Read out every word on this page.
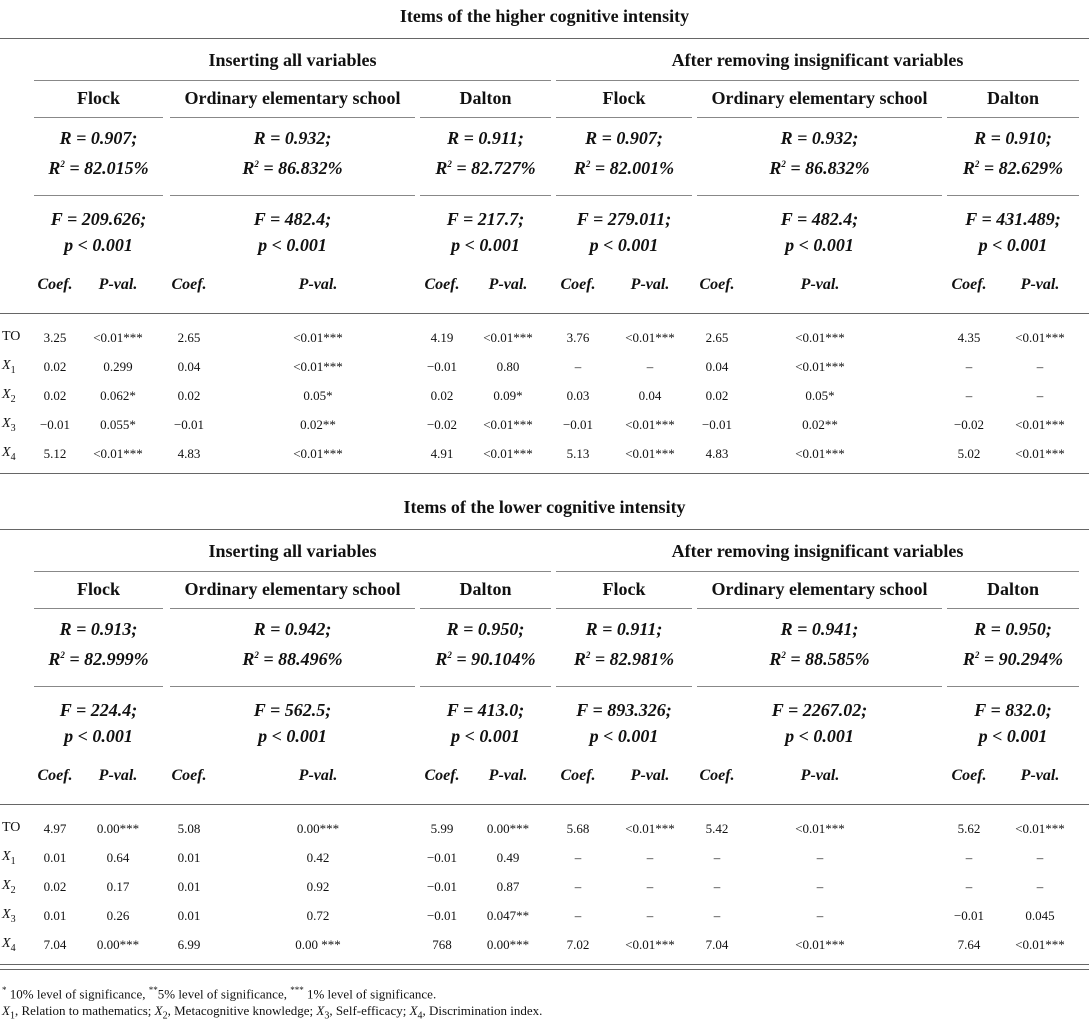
Items of the higher cognitive intensity
Inserting all variables	After removing insignificant variables
Flock
R = 0.907;
$R^2 = 82.015\%$
F = 209.626;
p < 0.001
Ordinary elementary school
R = 0.932;
$R^2 = 86.832\%$
F = 482.4;
p < 0.001
Dalton
R = 0.911;
$R^2 = 82.727\%$
F = 217.7;
p < 0.001
Flock
R = 0.907;
$R^2 = 82.001\%$
F = 279.011;
p < 0.001
Ordinary elementary school
R = 0.932;
$R^2 = 86.832\%$
F = 482.4;
p < 0.001
Dalton
R = 0.910;
$R^2 = 82.629\%$
F = 431.489;
p < 0.001
Coef.	P-val.	Coef.	P-val.	Coef.	P-val.	Coef.	P-val.	Coef.	P-val.	Coef.	P-val.
TO	3.25	<0.01***	2.65	<0.01***	4.19	<0.01***	3.76	<0.01***	2.65	<0.01***	4.35	<0.01***
$X_1$	0.02	0.299	0.04	<0.01***	−0.01	0.80	–	–	0.04	<0.01***	–	–
$X_2$	0.02	0.062*	0.02	0.05*	0.02	0.09*	0.03	0.04	0.02	0.05*	–	–
$X_3$	−0.01	0.055*	−0.01	0.02**	−0.02	<0.01***	−0.01	<0.01***	−0.01	0.02**	−0.02	<0.01***
$X_4$	5.12	<0.01***	4.83	<0.01***	4.91	<0.01***	5.13	<0.01***	4.83	<0.01***	5.02	<0.01***
Items of the lower cognitive intensity
Inserting all variables	After removing insignificant variables
Flock
R = 0.913;
$R^2 = 82.999\%$
F = 224.4;
p < 0.001
Ordinary elementary school
R = 0.942;
$R^2 = 88.496\%$
F = 562.5;
p < 0.001
Dalton
R = 0.950;
$R^2 = 90.104\%$
F = 413.0;
p < 0.001
Flock
R = 0.911;
$R^2 = 82.981\%$
F = 893.326;
p < 0.001
Ordinary elementary school
R = 0.941;
$R^2 = 88.585\%$
F = 2267.02;
p < 0.001
Dalton
R = 0.950;
$R^2 = 90.294\%$
F = 832.0;
p < 0.001
Coef.	P-val.	Coef.	P-val.	Coef.	P-val.	Coef.	P-val.	Coef.	P-val.	Coef.	P-val.
TO	4.97	0.00***	5.08	0.00***	5.99	0.00***	5.68	<0.01***	5.42	<0.01***	5.62	<0.01***
$X_1$	0.01	0.64	0.01	0.42	−0.01	0.49	–	–	–	–	–	–
$X_2$	0.02	0.17	0.01	0.92	−0.01	0.87	–	–	–	–	–	–
$X_3$	0.01	0.26	0.01	0.72	−0.01	0.047**	–	–	–	–	−0.01	0.045
$X_4$	7.04	0.00***	6.99	0.00 ***	768	0.00***	7.02	<0.01***	7.04	<0.01***	7.64	<0.01***
* 10% level of significance, **5% level of significance, *** 1% level of significance.
$X_1$, Relation to mathematics; $X_2$, Metacognitive knowledge; $X_3$, Self-efficacy; $X_4$, Discrimination index.
